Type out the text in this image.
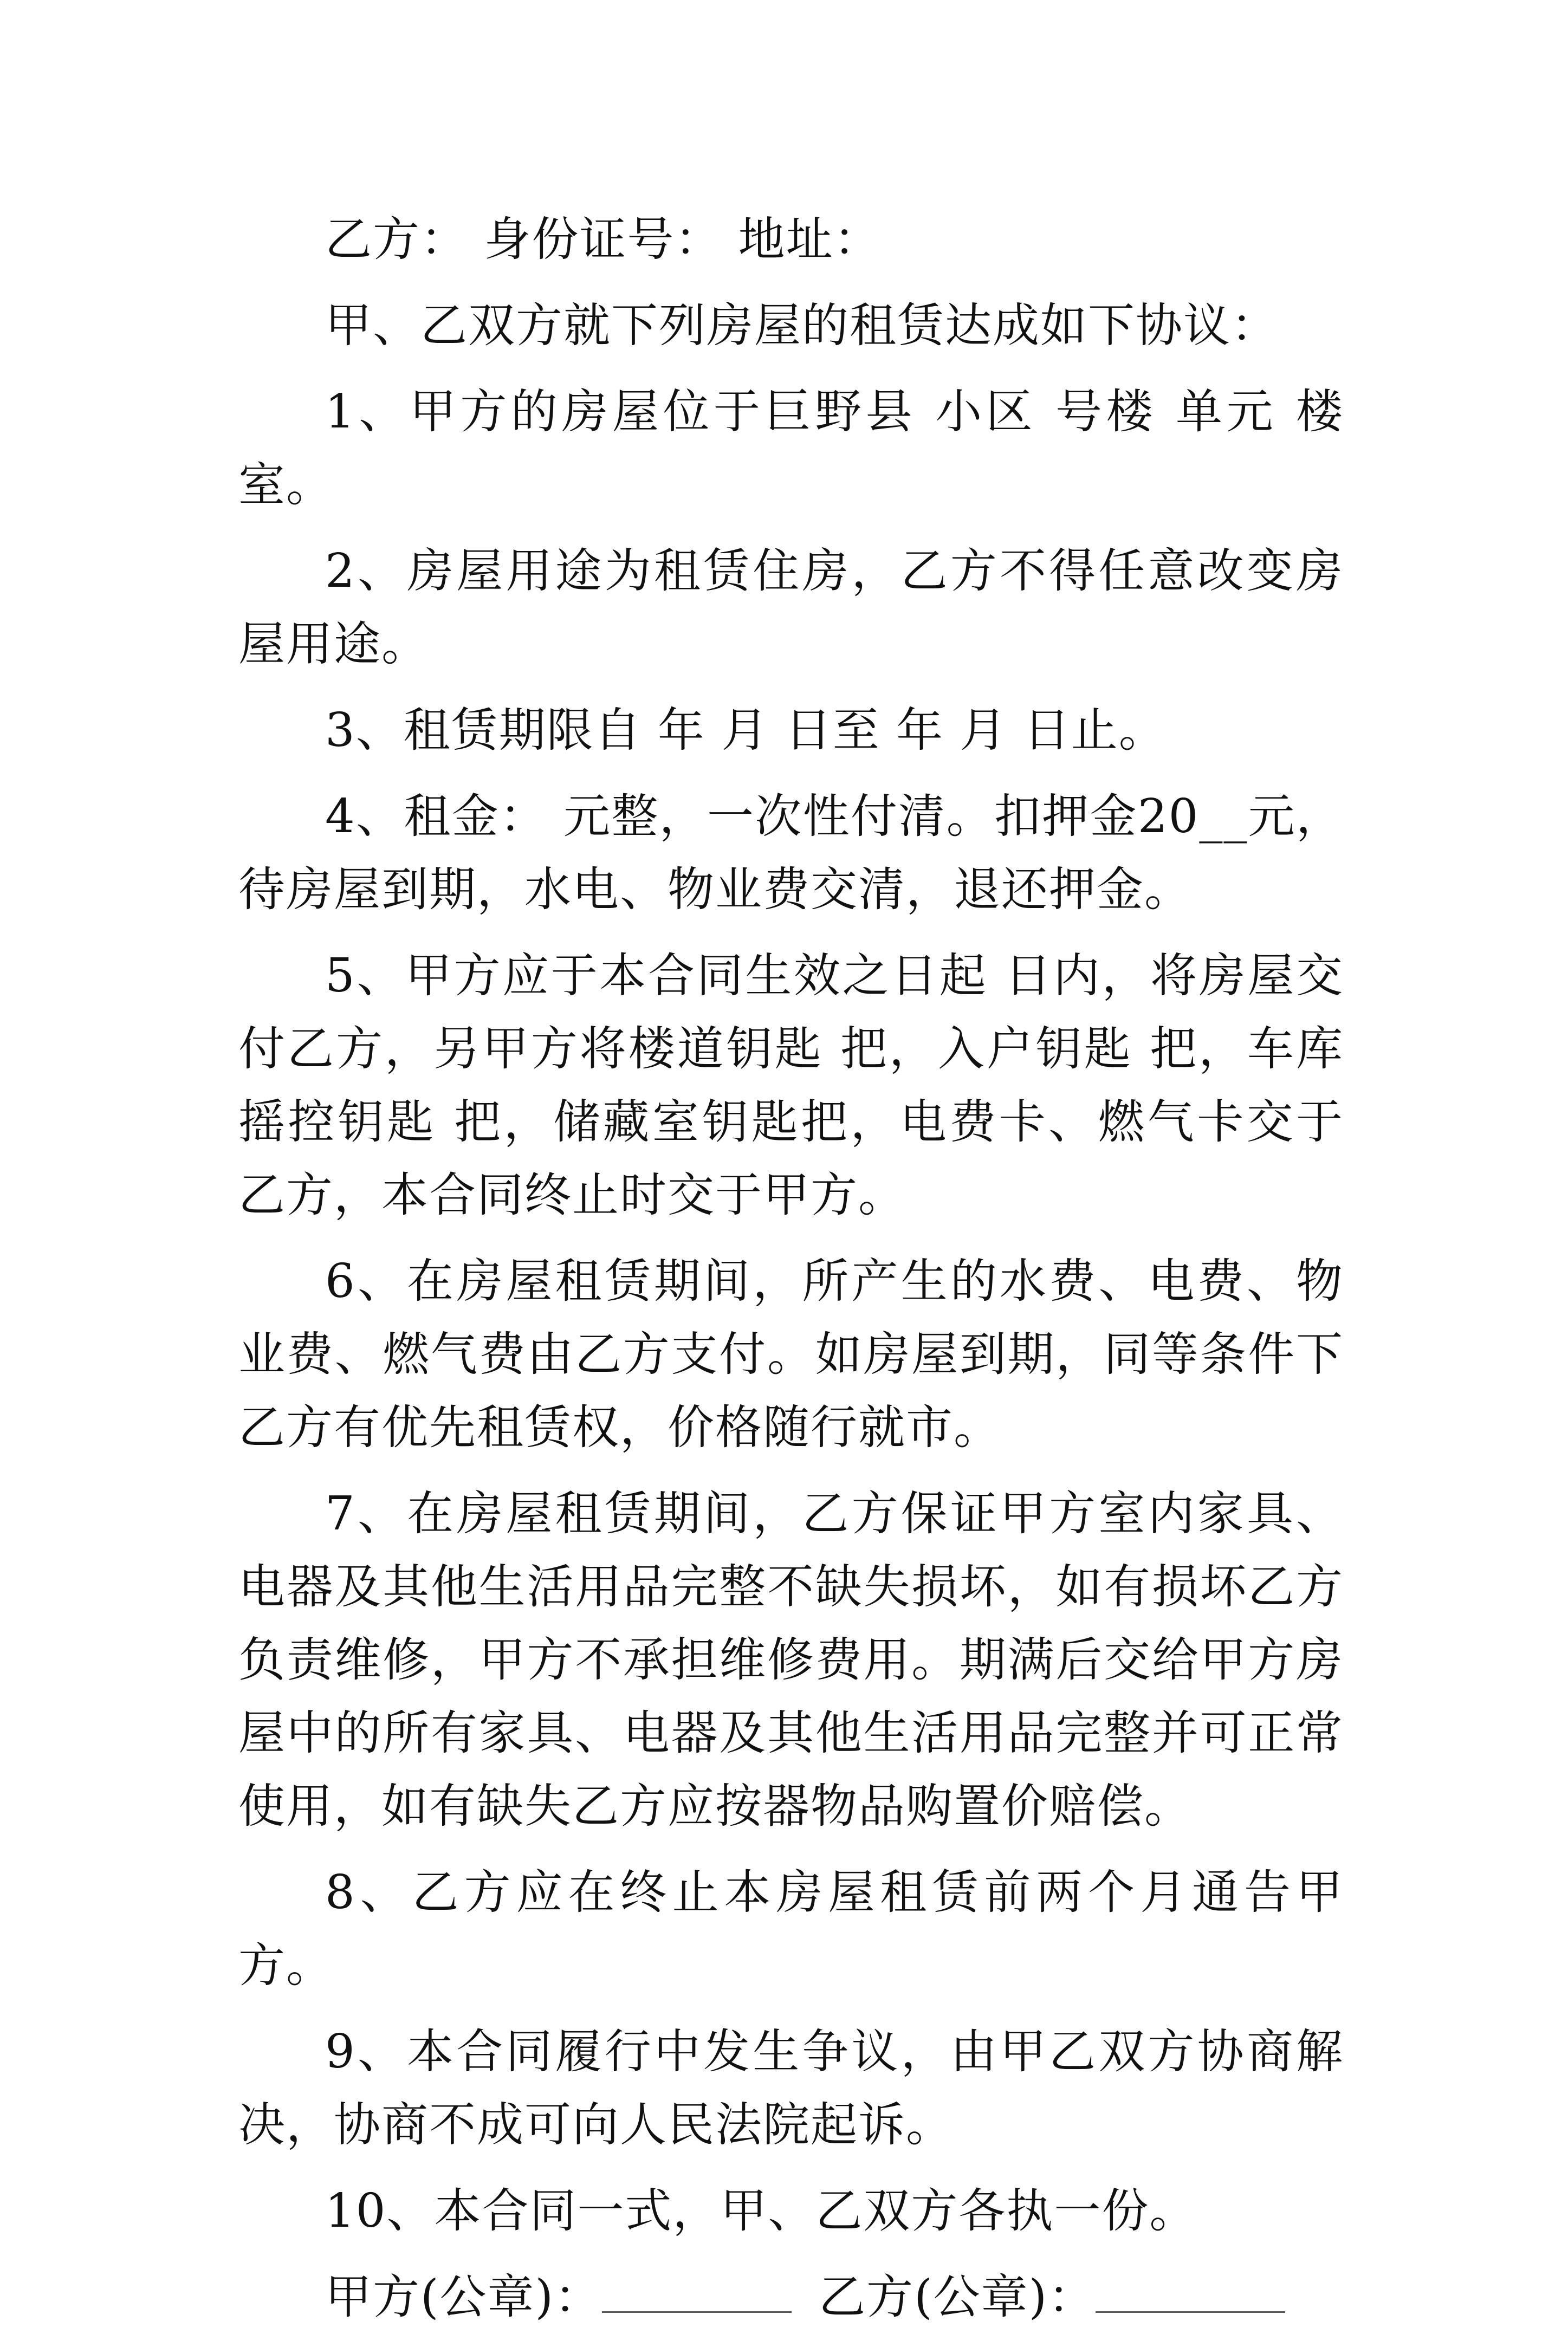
乙方： 身份证号： 地址：

甲、乙双方就下列房屋的租赁达成如下协议：

1、甲方的房屋位于巨野县 小区 号楼 单元 楼 室。

2、房屋用途为租赁住房，乙方不得任意改变房屋用途。

3、租赁期限自 年 月 日至 年 月 日止。

4、租金： 元整，一次性付清。扣押金20__元，待房屋到期，水电、物业费交清，退还押金。

5、甲方应于本合同生效之日起 日内，将房屋交付乙方，另甲方将楼道钥匙 把，入户钥匙 把，车库摇控钥匙 把，储藏室钥匙把，电费卡、燃气卡交于乙方，本合同终止时交于甲方。

6、在房屋租赁期间，所产生的水费、电费、物业费、燃气费由乙方支付。如房屋到期，同等条件下乙方有优先租赁权，价格随行就市。

7、在房屋租赁期间，乙方保证甲方室内家具、电器及其他生活用品完整不缺失损坏，如有损坏乙方负责维修，甲方不承担维修费用。期满后交给甲方房屋中的所有家具、电器及其他生活用品完整并可正常使用，如有缺失乙方应按器物品购置价赔偿。

8、乙方应在终止本房屋租赁前两个月通告甲方。

9、本合同履行中发生争议，由甲乙双方协商解决，协商不成可向人民法院起诉。

10、本合同一式，甲、乙双方各执一份。

甲方(公章)：	乙方(公章)：
